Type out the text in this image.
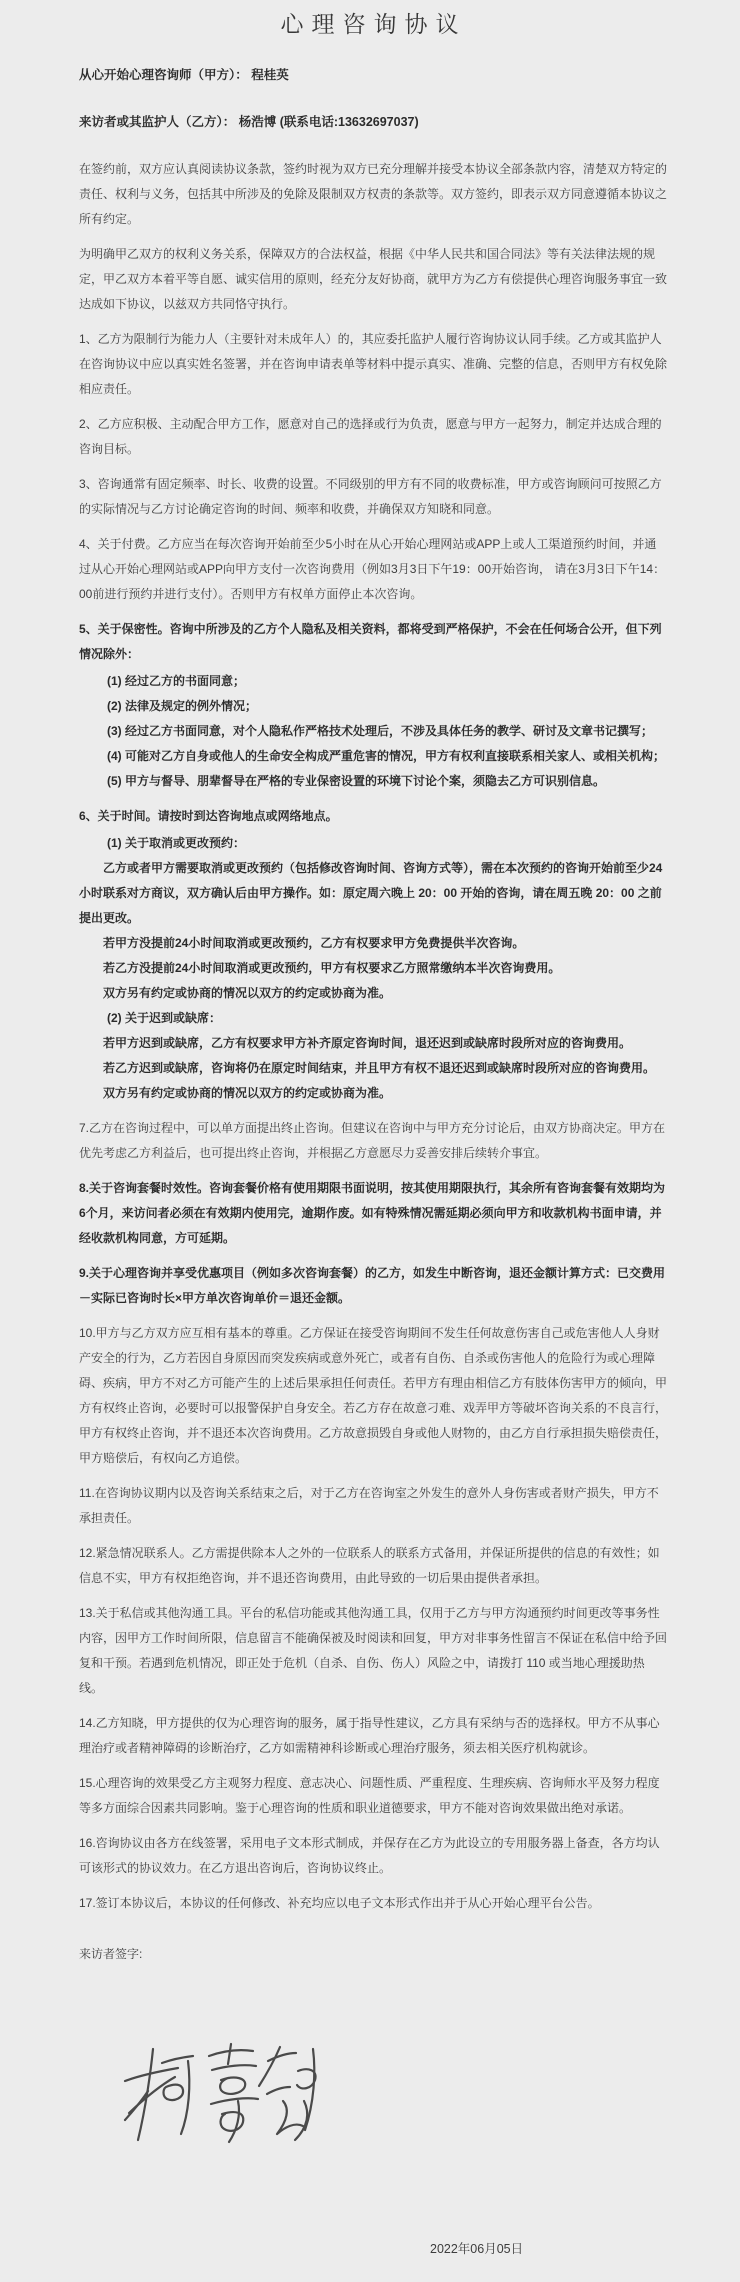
心理咨询协议

从心开始心理咨询师（甲方）： 程桂英

来访者或其监护人（乙方）： 杨浩博 (联系电话:13632697037)

在签约前，双方应认真阅读协议条款，签约时视为双方已充分理解并接受本协议全部条款内容，清楚双方特定的责任、权利与义务，包括其中所涉及的免除及限制双方权责的条款等。双方签约，即表示双方同意遵循本协议之所有约定。

为明确甲乙双方的权利义务关系，保障双方的合法权益，根据《中华人民共和国合同法》等有关法律法规的规定，甲乙双方本着平等自愿、诚实信用的原则，经充分友好协商，就甲方为乙方有偿提供心理咨询服务事宜一致达成如下协议，以兹双方共同恪守执行。

1、乙方为限制行为能力人（主要针对未成年人）的，其应委托监护人履行咨询协议认同手续。乙方或其监护人在咨询协议中应以真实姓名签署，并在咨询申请表单等材料中提示真实、准确、完整的信息，否则甲方有权免除相应责任。

2、乙方应积极、主动配合甲方工作，愿意对自己的选择或行为负责，愿意与甲方一起努力，制定并达成合理的咨询目标。

3、咨询通常有固定频率、时长、收费的设置。不同级别的甲方有不同的收费标准，甲方或咨询顾问可按照乙方的实际情况与乙方讨论确定咨询的时间、频率和收费，并确保双方知晓和同意。

4、关于付费。乙方应当在每次咨询开始前至少5小时在从心开始心理网站或APP上或人工渠道预约时间，并通过从心开始心理网站或APP向甲方支付一次咨询费用（例如3月3日下午19：00开始咨询， 请在3月3日下午14：00前进行预约并进行支付）。否则甲方有权单方面停止本次咨询。

5、关于保密性。咨询中所涉及的乙方个人隐私及相关资料，都将受到严格保护，不会在任何场合公开，但下列情况除外：

(1) 经过乙方的书面同意；

(2) 法律及规定的例外情况；

(3) 经过乙方书面同意，对个人隐私作严格技术处理后，不涉及具体任务的教学、研讨及文章书记撰写；

(4) 可能对乙方自身或他人的生命安全构成严重危害的情况，甲方有权利直接联系相关家人、或相关机构；

(5) 甲方与督导、朋辈督导在严格的专业保密设置的环境下讨论个案，须隐去乙方可识别信息。

6、关于时间。请按时到达咨询地点或网络地点。

(1) 关于取消或更改预约：

乙方或者甲方需要取消或更改预约（包括修改咨询时间、咨询方式等），需在本次预约的咨询开始前至少24小时联系对方商议，双方确认后由甲方操作。如：原定周六晚上 20：00 开始的咨询，请在周五晚 20：00 之前提出更改。

若甲方没提前24小时间取消或更改预约，乙方有权要求甲方免费提供半次咨询。

若乙方没提前24小时间取消或更改预约，甲方有权要求乙方照常缴纳本半次咨询费用。

双方另有约定或协商的情况以双方的约定或协商为准。

(2) 关于迟到或缺席：

若甲方迟到或缺席，乙方有权要求甲方补齐原定咨询时间，退还迟到或缺席时段所对应的咨询费用。

若乙方迟到或缺席，咨询将仍在原定时间结束，并且甲方有权不退还迟到或缺席时段所对应的咨询费用。

双方另有约定或协商的情况以双方的约定或协商为准。

7.乙方在咨询过程中，可以单方面提出终止咨询。但建议在咨询中与甲方充分讨论后，由双方协商决定。甲方在优先考虑乙方利益后，也可提出终止咨询，并根据乙方意愿尽力妥善安排后续转介事宜。

8.关于咨询套餐时效性。咨询套餐价格有使用期限书面说明，按其使用期限执行，其余所有咨询套餐有效期均为6个月，来访问者必须在有效期内使用完，逾期作废。如有特殊情况需延期必须向甲方和收款机构书面申请，并经收款机构同意，方可延期。

9.关于心理咨询并享受优惠项目（例如多次咨询套餐）的乙方，如发生中断咨询，退还金额计算方式：已交费用－实际已咨询时长×甲方单次咨询单价＝退还金额。

10.甲方与乙方双方应互相有基本的尊重。乙方保证在接受咨询期间不发生任何故意伤害自己或危害他人人身财产安全的行为，乙方若因自身原因而突发疾病或意外死亡，或者有自伤、自杀或伤害他人的危险行为或心理障碍、疾病，甲方不对乙方可能产生的上述后果承担任何责任。若甲方有理由相信乙方有肢体伤害甲方的倾向，甲方有权终止咨询，必要时可以报警保护自身安全。若乙方存在故意刁难、戏弄甲方等破坏咨询关系的不良言行，甲方有权终止咨询，并不退还本次咨询费用。乙方故意损毁自身或他人财物的，由乙方自行承担损失赔偿责任，甲方赔偿后，有权向乙方追偿。

11.在咨询协议期内以及咨询关系结束之后，对于乙方在咨询室之外发生的意外人身伤害或者财产损失，甲方不承担责任。

12.紧急情况联系人。乙方需提供除本人之外的一位联系人的联系方式备用，并保证所提供的信息的有效性；如信息不实，甲方有权拒绝咨询，并不退还咨询费用，由此导致的一切后果由提供者承担。

13.关于私信或其他沟通工具。平台的私信功能或其他沟通工具，仅用于乙方与甲方沟通预约时间更改等事务性内容，因甲方工作时间所限，信息留言不能确保被及时阅读和回复，甲方对非事务性留言不保证在私信中给予回复和干预。若遇到危机情况，即正处于危机（自杀、自伤、伤人）风险之中，请拨打 110 或当地心理援助热线。

14.乙方知晓，甲方提供的仅为心理咨询的服务，属于指导性建议，乙方具有采纳与否的选择权。甲方不从事心理治疗或者精神障碍的诊断治疗，乙方如需精神科诊断或心理治疗服务，须去相关医疗机构就诊。

15.心理咨询的效果受乙方主观努力程度、意志决心、问题性质、严重程度、生理疾病、咨询师水平及努力程度等多方面综合因素共同影响。鉴于心理咨询的性质和职业道德要求，甲方不能对咨询效果做出绝对承诺。

16.咨询协议由各方在线签署，采用电子文本形式制成，并保存在乙方为此设立的专用服务器上备查，各方均认可该形式的协议效力。在乙方退出咨询后，咨询协议终止。

17.签订本协议后，本协议的任何修改、补充均应以电子文本形式作出并于从心开始心理平台公告。

来访者签字:

2022年06月05日
